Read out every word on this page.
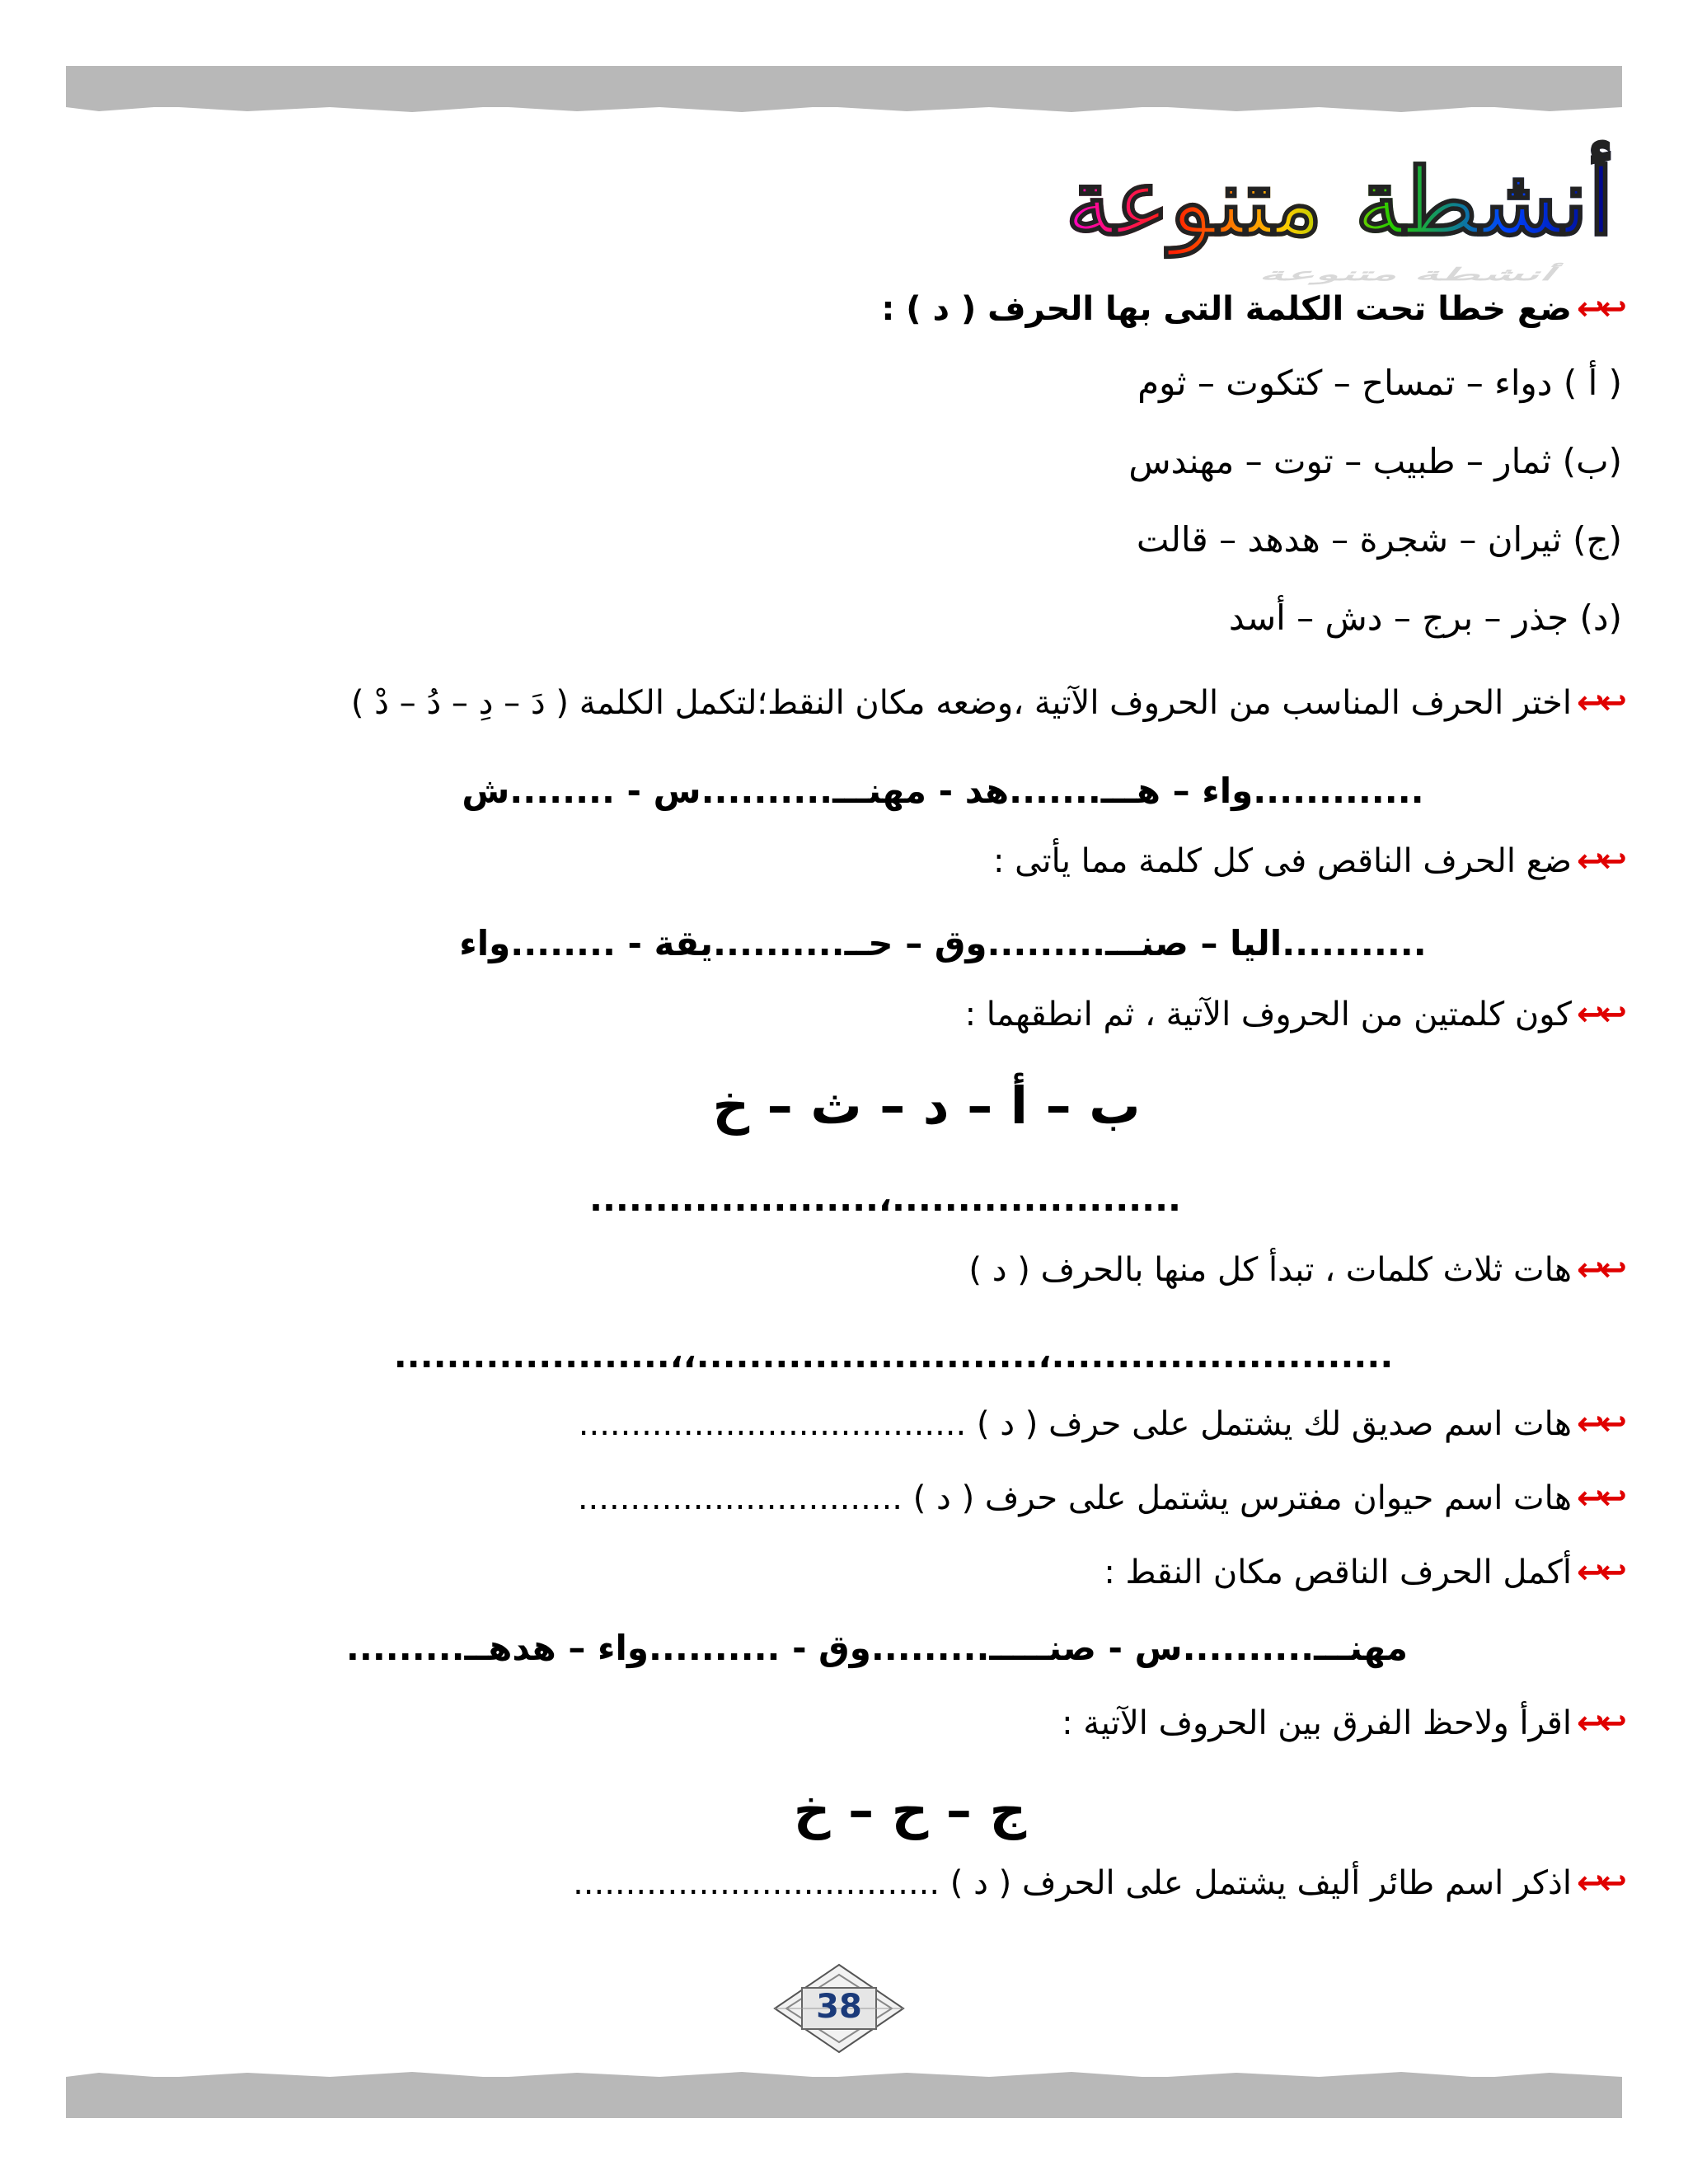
أنشطة متنوعة
أنشطة متنوعة
↩↩ضع خطا تحت الكلمة التى بها الحرف ( د ) :
( أ ) دواء – تمساح – كتكوت – ثوم
(ب) ثمار – طبيب – توت – مهندس
(ج) ثيران – شجرة – هدهد – قالت
(د) جذر – برج – دش – أسد
↩↩اختر الحرف المناسب من الحروف الآتية ،وضعه مكان النقط؛لتكمل الكلمة ( دَ – دِ – دُ – دْ )
.............واء – هـــ.......هد - مهنـــ..........س - ........ش
↩↩ضع الحرف الناقص فى كل كلمة مما يأتى :
...........اليا – صنـــ.........وق – حــ..........يقة - ........واء
↩↩كون كلمتين من الحروف الآتية ، ثم انطقهما :
ب – أ – د – ث – خ
......................،......................
↩↩هات ثلاث كلمات ، تبدأ كل منها بالحرف ( د )
..........................،..........................،،.....................‏
↩↩هات اسم صديق لك يشتمل على حرف ( د ) .....................................
↩↩هات اسم حيوان مفترس يشتمل على حرف ( د ) ...............................
↩↩أكمل الحرف الناقص مكان النقط :
مهنـــ..........س - صنـــــ.........وق - ..........واء – هدهــ.........
↩↩اقرأ ولاحظ الفرق بين الحروف الآتية :
ج – ح – خ
↩↩اذكر اسم طائر أليف يشتمل على الحرف ( د ) ...................................
38
